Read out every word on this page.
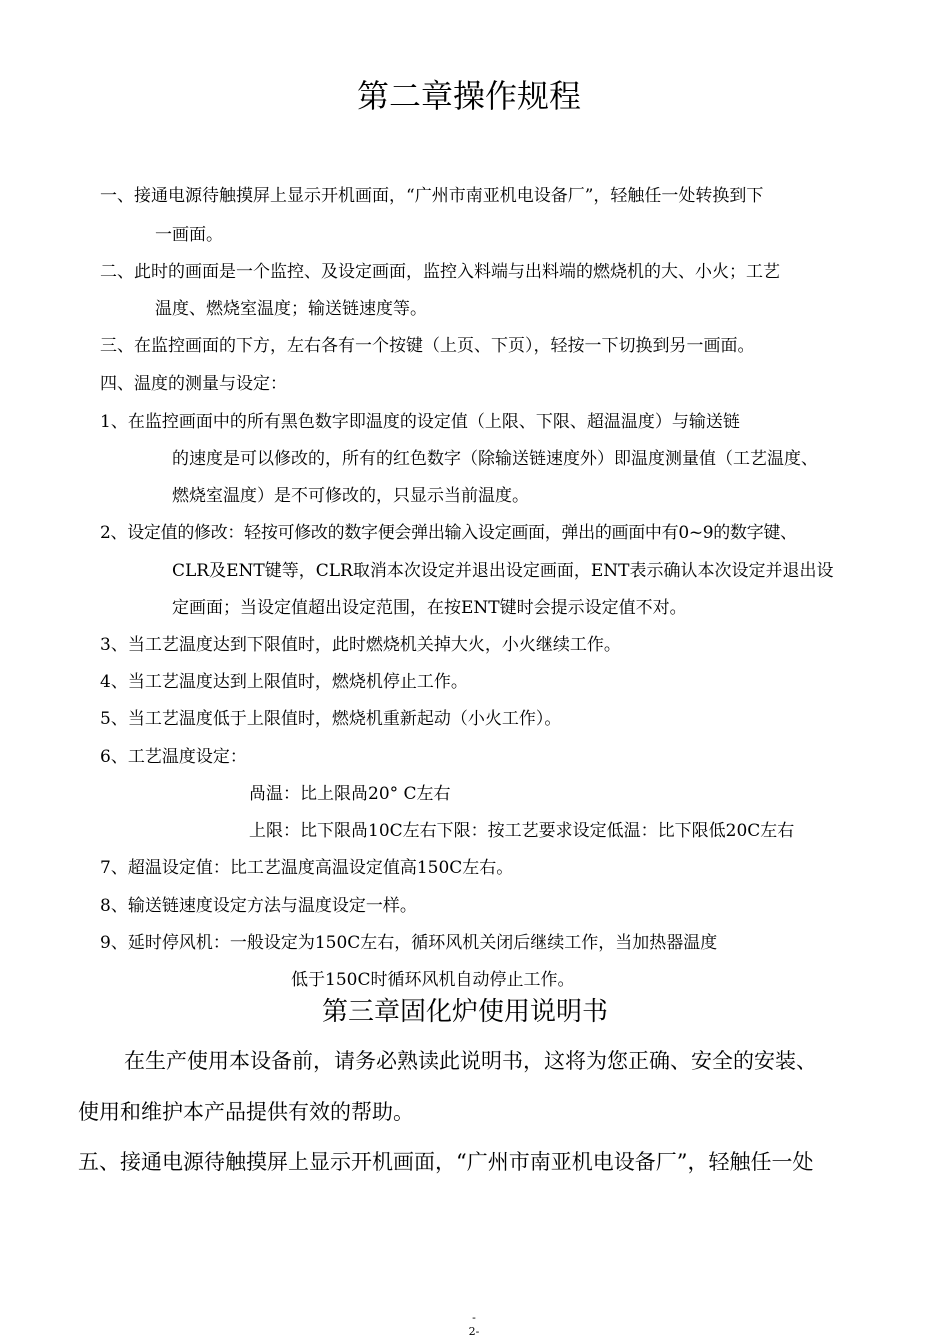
第二章操作规程
一、接通电源待触摸屏上显示开机画面，“广州市南亚机电设备厂”，轻触任一处转换到下
一画面。
二、此时的画面是一个监控、及设定画面，监控入料端与出料端的燃烧机的大、小火；工艺
温度、燃烧室温度；输送链速度等。
三、在监控画面的下方，左右各有一个按键（上页、下页），轻按一下切换到另一画面。
四、温度的测量与设定：
1、在监控画面中的所有黑色数字即温度的设定值（上限、下限、超温温度）与输送链
的速度是可以修改的，所有的红色数字（除输送链速度外）即温度测量值（工艺温度、
燃烧室温度）是不可修改的，只显示当前温度。
2、设定值的修改：轻按可修改的数字便会弹出输入设定画面，弹出的画面中有0~9的数字键、
CLR及ENT键等，CLR取消本次设定并退出设定画面，ENT表示确认本次设定并退出设
定画面；当设定值超出设定范围，在按ENT键时会提示设定值不对。
3、当工艺温度达到下限值时，此时燃烧机关掉大火，小火继续工作。
4、当工艺温度达到上限值时，燃烧机停止工作。
5、当工艺温度低于上限值时，燃烧机重新起动（小火工作）。
6、工艺温度设定：
咼温：比上限咼20° C左右
上限：比下限咼10C左右下限：按工艺要求设定低温：比下限低20C左右
7、超温设定值：比工艺温度高温设定值高150C左右。
8、输送链速度设定方法与温度设定一样。
9、延时停风机：一般设定为150C左右，循环风机关闭后继续工作，当加热器温度
低于150C时循环风机自动停止工作。
第三章固化炉使用说明书
在生产使用本设备前，请务必熟读此说明书，这将为您正确、安全的安装、
使用和维护本产品提供有效的帮助。
五、接通电源待触摸屏上显示开机画面，“广州市南亚机电设备厂”，轻触任一处
-
2-
